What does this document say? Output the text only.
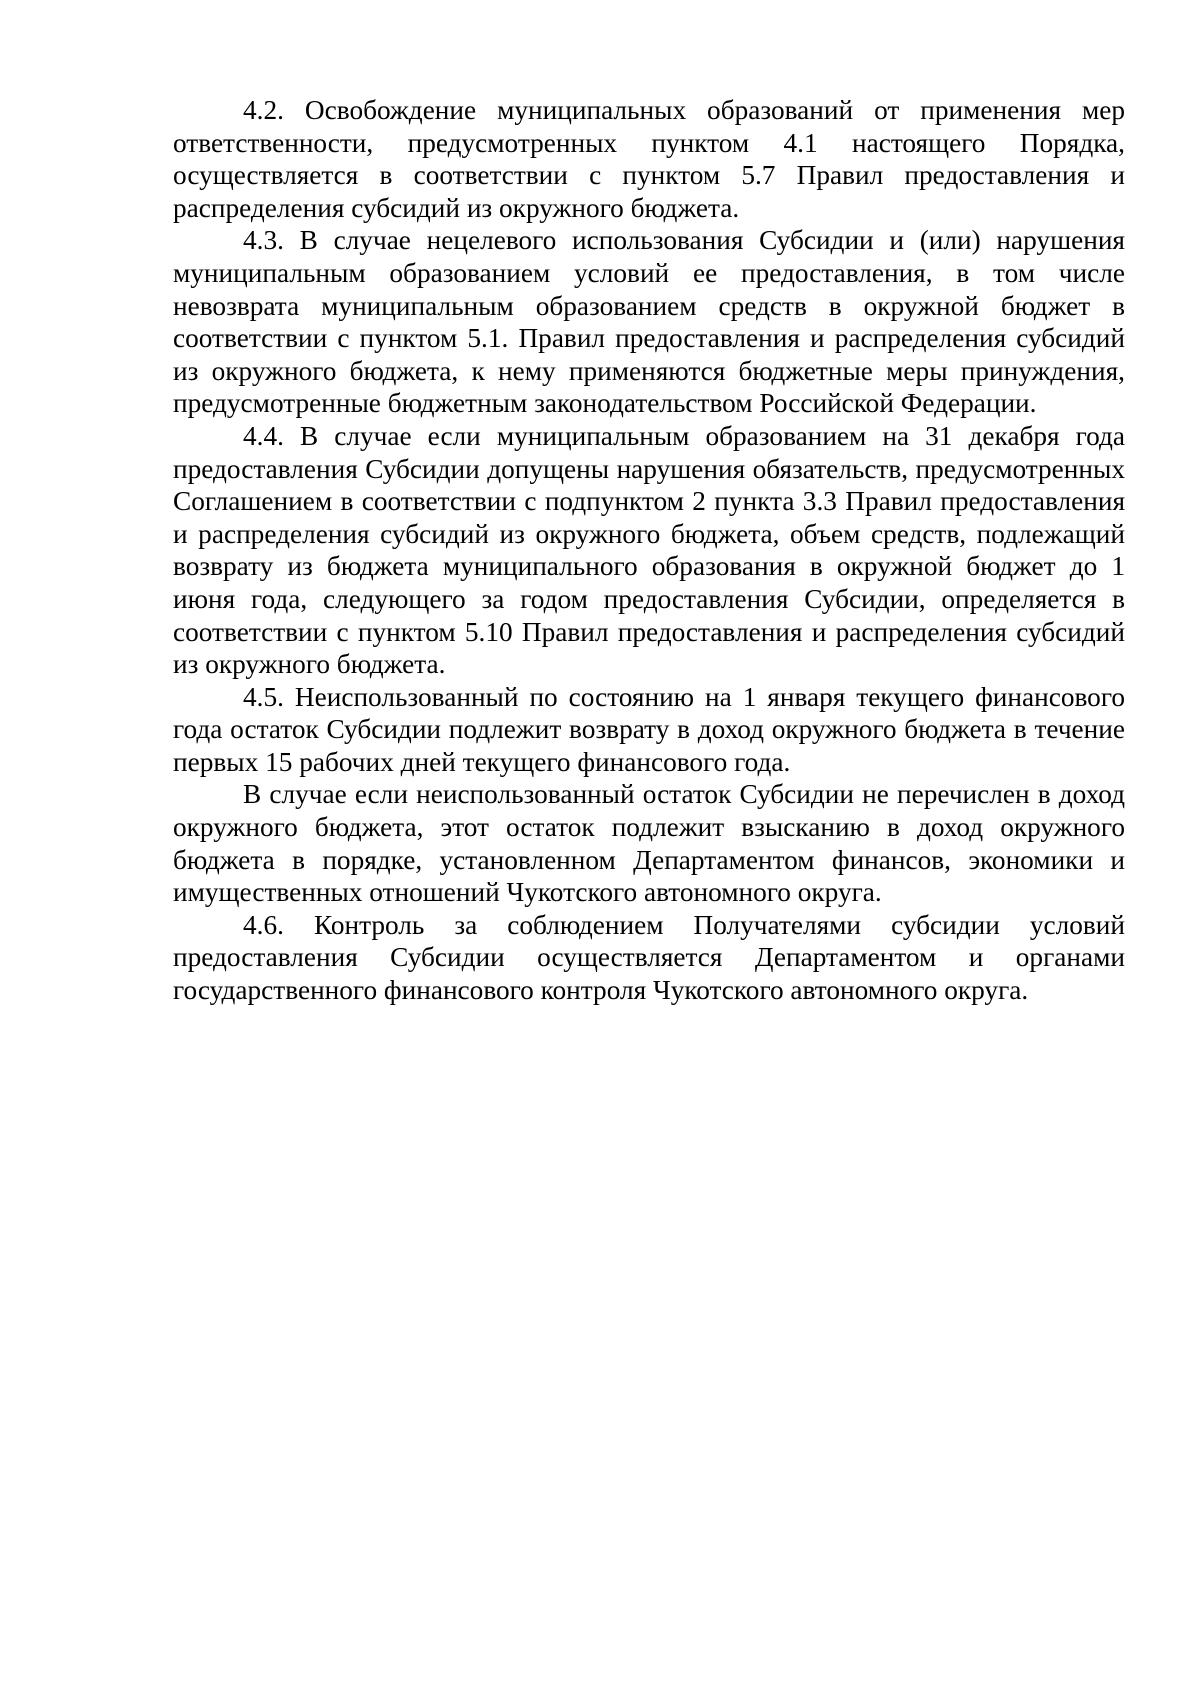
4.2. Освобождение муниципальных образований от применения мер ответственности, предусмотренных пунктом 4.1 настоящего Порядка, осуществляется в соответствии с пунктом 5.7 Правил предоставления и распределения субсидий из окружного бюджета.

4.3. В случае нецелевого использования Субсидии и (или) нарушения муниципальным образованием условий ее предоставления, в том числе невозврата муниципальным образованием средств в окружной бюджет в соответствии с пунктом 5.1. Правил предоставления и распределения субсидий из окружного бюджета, к нему применяются бюджетные меры принуждения, предусмотренные бюджетным законодательством Российской Федерации.

4.4. В случае если муниципальным образованием на 31 декабря года предоставления Субсидии допущены нарушения обязательств, предусмотренных Соглашением в соответствии с подпунктом 2 пункта 3.3 Правил предоставления и распределения субсидий из окружного бюджета, объем средств, подлежащий возврату из бюджета муниципального образования в окружной бюджет до 1 июня года, следующего за годом предоставления Субсидии, определяется в соответствии с пунктом 5.10 Правил предоставления и распределения субсидий из окружного бюджета.

4.5. Неиспользованный по состоянию на 1 января текущего финансового года остаток Субсидии подлежит возврату в доход окружного бюджета в течение первых 15 рабочих дней текущего финансового года.

В случае если неиспользованный остаток Субсидии не перечислен в доход окружного бюджета, этот остаток подлежит взысканию в доход окружного бюджета в порядке, установленном Департаментом финансов, экономики и имущественных отношений Чукотского автономного округа.

4.6. Контроль за соблюдением Получателями субсидии условий предоставления Субсидии осуществляется Департаментом и органами государственного финансового контроля Чукотского автономного округа.
